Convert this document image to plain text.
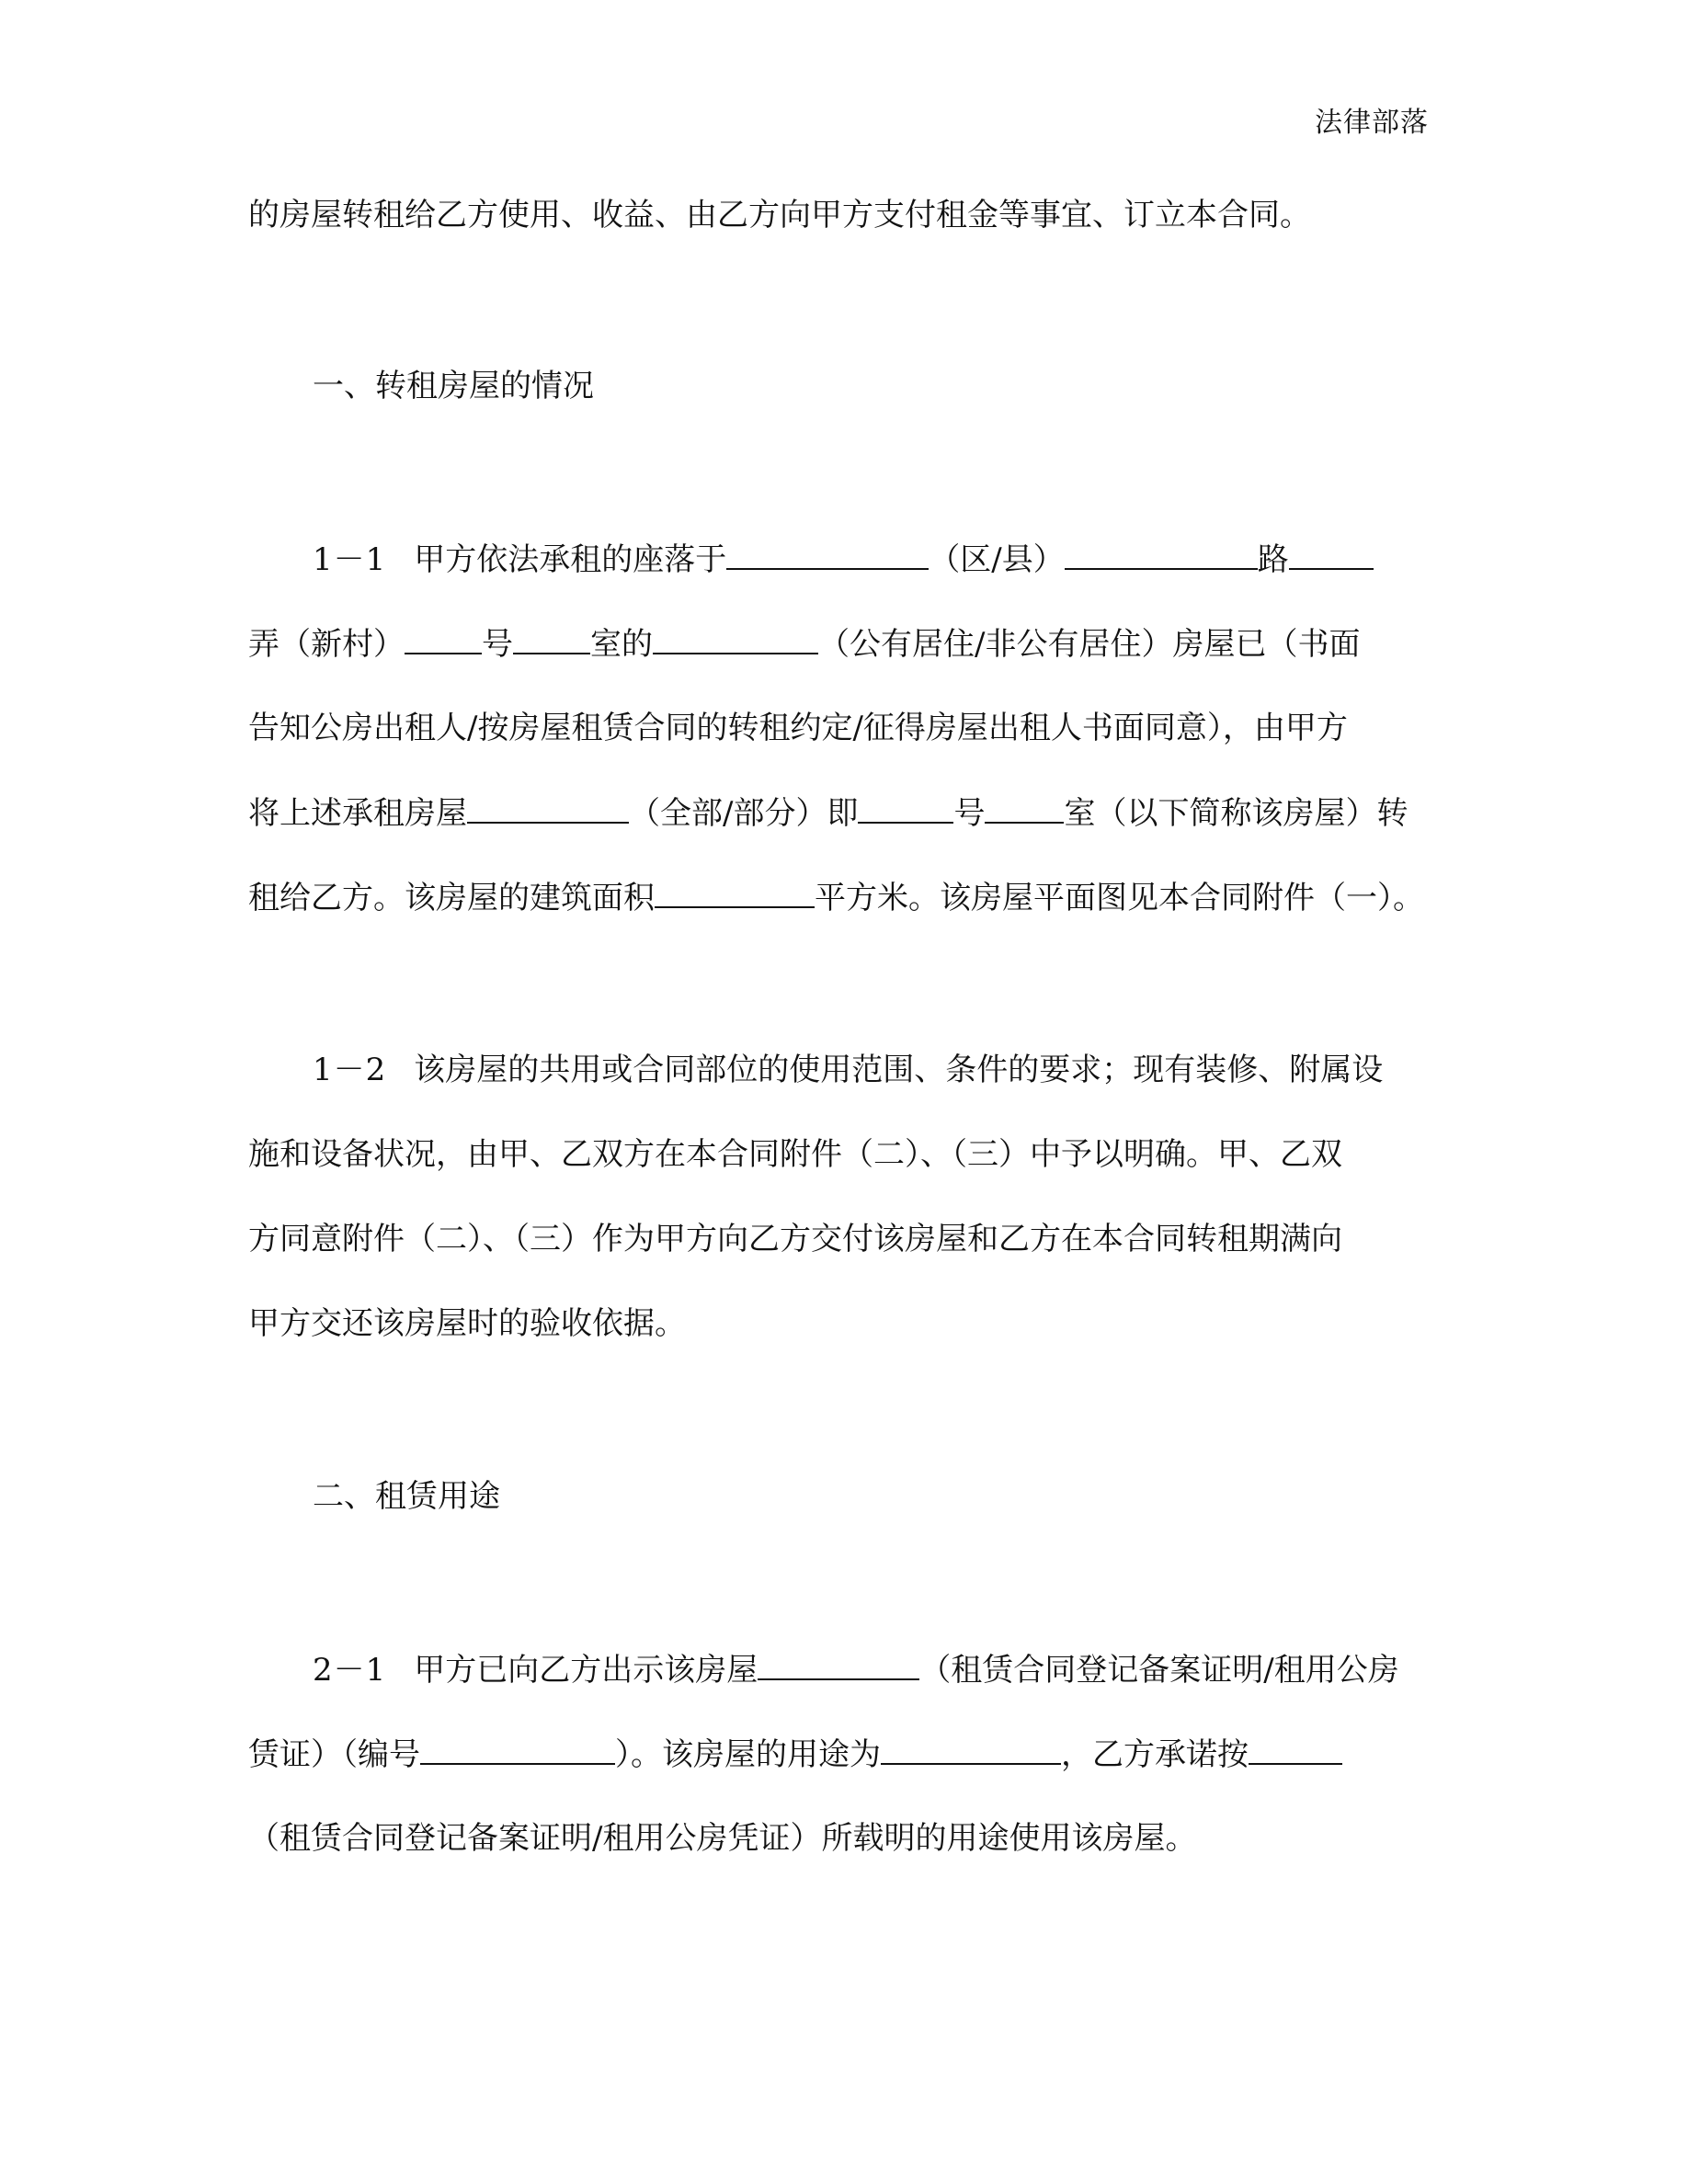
法律部落
的房屋转租给乙方使用、收益、由乙方向甲方支付租金等事宜、订立本合同。
一、转租房屋的情况
1－1 甲方依法承租的座落于	（区/县）	路
弄（新村） 号 室的	（公有居住/非公有居住）房屋已（书面
告知公房出租人/按房屋租赁合同的转租约定/征得房屋出租人书面同意），由甲方
将上述承租房屋	（全部/部分）即	号	室（以下简称该房屋）转
租给乙方。该房屋的建筑面积	平方米。该房屋平面图见本合同附件（一）。
1－2 该房屋的共用或合同部位的使用范围、条件的要求；现有装修、附属设
施和设备状况，由甲、乙双方在本合同附件（二）、（三）中予以明确。甲、乙双
方同意附件（二）、（三）作为甲方向乙方交付该房屋和乙方在本合同转租期满向
甲方交还该房屋时的验收依据。
二、租赁用途
2－1 甲方已向乙方出示该房屋	（租赁合同登记备案证明/租用公房
赁证）（编号	）。该房屋的用途为	，乙方承诺按
（租赁合同登记备案证明/租用公房凭证）所载明的用途使用该房屋。
